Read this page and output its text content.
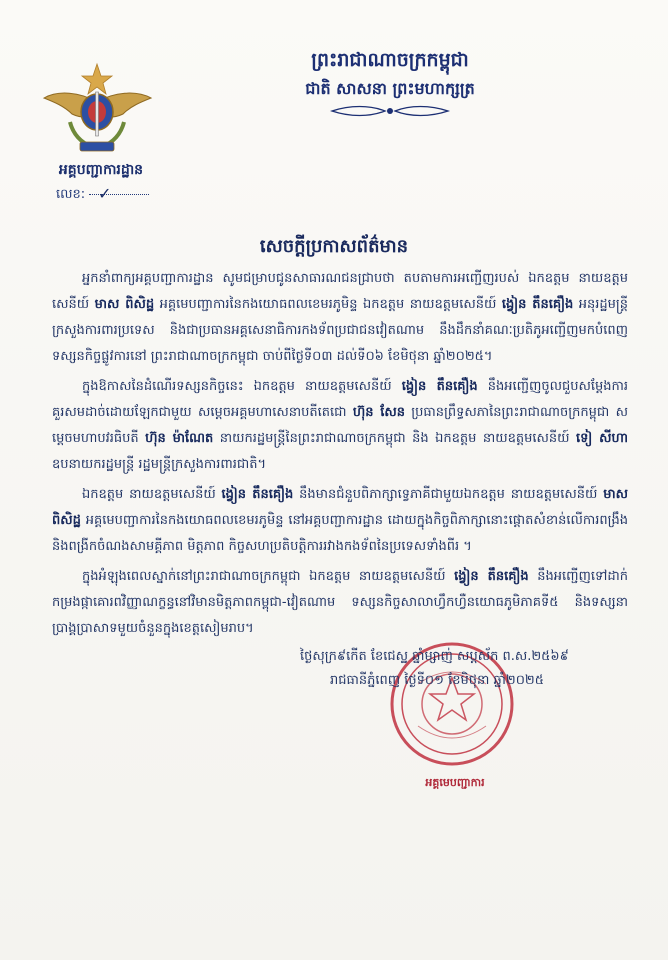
អគ្គបញ្ជាការដ្ឋាន
លេខ: ✓
ព្រះរាជាណាចក្រកម្ពុជា
ជាតិ សាសនា ព្រះមហាក្សត្រ
សេចក្តីប្រកាសព័ត៌មាន

អ្នកនាំពាក្យអគ្គបញ្ជាការដ្ឋាន សូមជម្រាបជូនសាធារណជនជ្រាបថា តបតាមការអញ្ជើញរបស់ ឯកឧត្តម នាយឧត្តមសេនីយ៍ មាស ពិសិដ្ឋ អគ្គមេបញ្ជាការនៃកងយោធពលខេមរភូមិន្ទ ឯកឧត្តម នាយឧត្តមសេនីយ៍ ង្វៀន តឹនគឿង អនុរដ្ឋមន្ត្រីក្រសួងការពារប្រទេស និងជាប្រធានអគ្គសេនាធិការកងទ័ពប្រជាជនវៀតណាម នឹងដឹកនាំគណៈប្រតិភូអញ្ជើញមកបំពេញទស្សនកិច្ចផ្លូវការនៅ ព្រះរាជាណាចក្រកម្ពុជា ចាប់ពីថ្ងៃទី០៣ ដល់ទី០៦ ខែមិថុនា ឆ្នាំ២០២៥។

ក្នុងឱកាសនៃដំណើរទស្សនកិច្ចនេះ ឯកឧត្តម នាយឧត្តមសេនីយ៍ ង្វៀន តឹនគឿង នឹងអញ្ជើញចូលជួបសម្តែងការគួរសមដាច់ដោយឡែកជាមួយ សម្តេចអគ្គមហាសេនាបតីតេជោ ហ៊ុន សែន ប្រធានព្រឹទ្ធសភានៃព្រះរាជាណាចក្រកម្ពុជា សម្តេចមហាបវរធិបតី ហ៊ុន ម៉ាណែត នាយករដ្ឋមន្ត្រីនៃព្រះរាជាណាចក្រកម្ពុជា និង ឯកឧត្តម នាយឧត្តមសេនីយ៍ ទៀ សីហា ឧបនាយករដ្ឋមន្ត្រី រដ្ឋមន្ត្រីក្រសួងការពារជាតិ។

ឯកឧត្តម នាយឧត្តមសេនីយ៍ ង្វៀន តឹនគឿង នឹងមានជំនួបពិភាក្សាទ្វេភាគីជាមួយឯកឧត្តម នាយឧត្តមសេនីយ៍ មាស ពិសិដ្ឋ អគ្គមេបញ្ជាការនៃកងយោធពលខេមរភូមិន្ទ នៅអគ្គបញ្ជាការដ្ឋាន ដោយក្នុងកិច្ចពិភាក្សានោះផ្តោតសំខាន់លើការពង្រឹង និងពង្រីកចំណងសាមគ្គីភាព មិត្តភាព កិច្ចសហប្រតិបត្តិការរវាងកងទ័ពនៃប្រទេសទាំងពីរ ។

ក្នុងអំឡុងពេលស្នាក់នៅព្រះរាជាណាចក្រកម្ពុជា ឯកឧត្តម នាយឧត្តមសេនីយ៍ ង្វៀន តឹនគឿង នឹងអញ្ជើញទៅដាក់កម្រងផ្កាគោរពវិញ្ញាណក្ខន្ធនៅវិមានមិត្តភាពកម្ពុជា-វៀតណាម ទស្សនកិច្ចសាលាហ្វឹកហ្វឺនយោធភូមិភាគទី៥ និងទស្សនាប្រាង្គប្រាសាទមួយចំនួនក្នុងខេត្តសៀមរាប។

ថ្ងៃសុក្រ៩កើត ខែជេស្ឋ ឆ្នាំម្សាញ់ សប្តស័ក ព.ស.២៥៦៩
រាជធានីភ្នំពេញ ថ្ងៃទី០១ ខែមិថុនា ឆ្នាំ២០២៥
អគ្គមេបញ្ជាការ
